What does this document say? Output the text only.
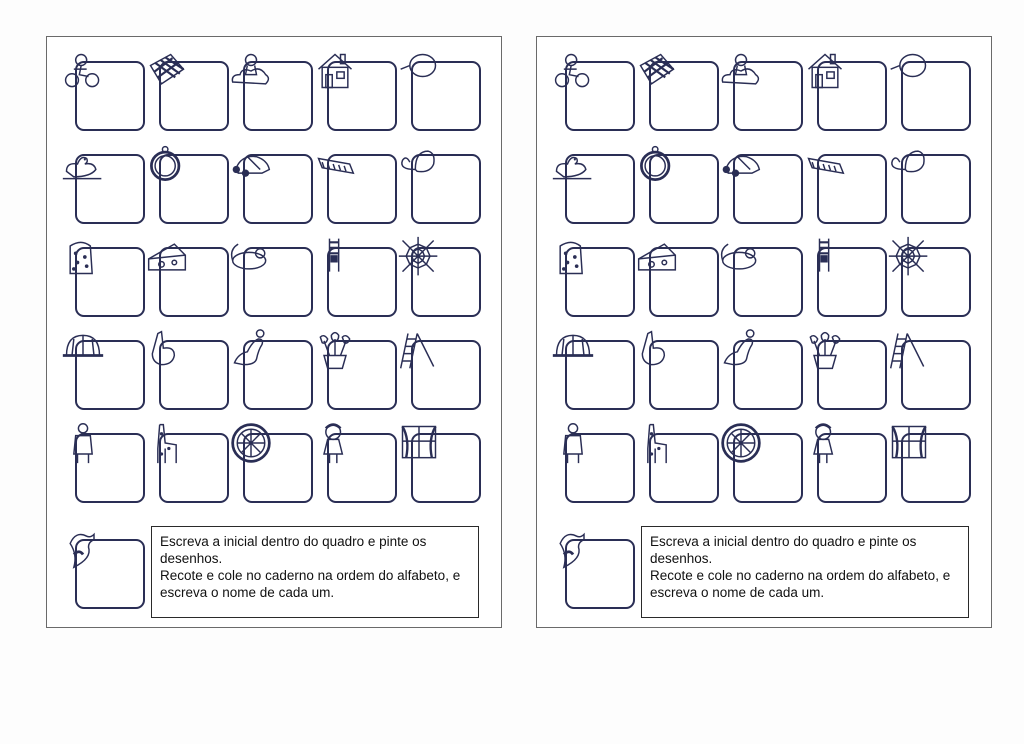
Escreva a inicial dentro do quadro e pinte os desenhos.

Recote e cole no caderno na ordem do alfabeto, e escreva o nome de cada um.

Escreva a inicial dentro do quadro e pinte os desenhos.

Recote e cole no caderno na ordem do alfabeto, e escreva o nome de cada um.
